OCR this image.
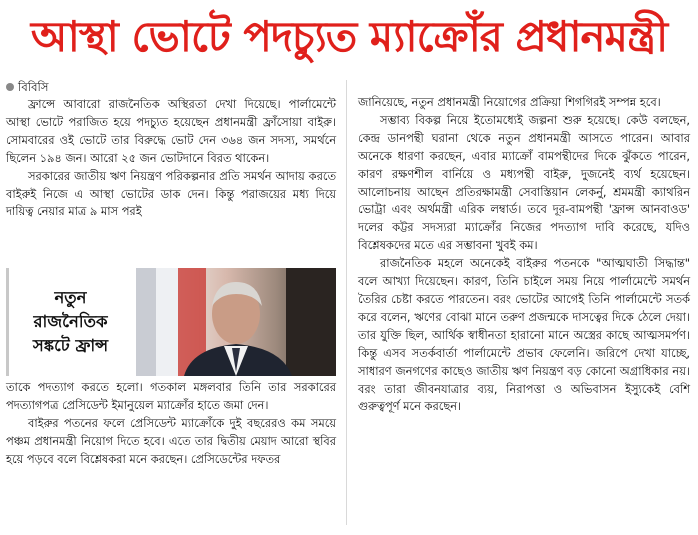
আস্থা ভোটে পদচ্যুত ম্যাক্রোঁর প্রধানমন্ত্রী
বিবিসি

ফ্রান্সে আবারো রাজনৈতিক অস্থিরতা দেখা দিয়েছে। পার্লামেন্টে আস্থা ভোটে পরাজিত হয়ে পদচ্যুত হয়েছেন প্রধানমন্ত্রী ফ্রাঁসোয়া বাইরু। সোমবারের ওই ভোটে তার বিরুদ্ধে ভোট দেন ৩৬৪ জন সদস্য, সমর্থনে ছিলেন ১৯৪ জন। আরো ২৫ জন ভোটদানে বিরত থাকেন।

সরকারের জাতীয় ঋণ নিয়ন্ত্রণ পরিকল্পনার প্রতি সমর্থন আদায় করতে বাইরুই নিজে এ আস্থা ভোটের ডাক দেন। কিন্তু পরাজয়ের মধ্য দিয়ে দায়িত্ব নেয়ার মাত্র ৯ মাস পরই

নতুন
রাজনৈতিক
সঙ্কটে ফ্রান্স

তাকে পদত্যাগ করতে হলো। গতকাল মঙ্গলবার তিনি তার সরকারের পদত্যাগপত্র প্রেসিডেন্ট ইমানুয়েল ম্যাক্রোঁর হাতে জমা দেন।

বাইরুর পতনের ফলে প্রেসিডেন্ট ম্যাক্রোঁকে দুই বছরেরও কম সময়ে পঞ্চম প্রধানমন্ত্রী নিয়োগ দিতে হবে। এতে তার দ্বিতীয় মেয়াদ আরো স্থবির হয়ে পড়বে বলে বিশ্লেষকরা মনে করছেন। প্রেসিডেন্টের দফতর

জানিয়েছে, নতুন প্রধানমন্ত্রী নিয়োগের প্রক্রিয়া শিগগিরই সম্পন্ন হবে।

সম্ভাব্য বিকল্প নিয়ে ইতোমধ্যেই জল্পনা শুরু হয়েছে। কেউ বলছেন, কেন্দ্র ডানপন্থী ঘরানা থেকে নতুন প্রধানমন্ত্রী আসতে পারেন। আবার অনেকে ধারণা করছেন, এবার ম্যাক্রোঁ বামপন্থীদের দিকে ঝুঁকতে পারেন, কারণ রক্ষণশীল বার্নিয়ে ও মধ্যপন্থী বাইরু, দুজনেই ব্যর্থ হয়েছেন। আলোচনায় আছেন প্রতিরক্ষামন্ত্রী সেবাস্তিয়ান লেকর্নু, শ্রমমন্ত্রী ক্যাথরিন ভোট্রা এবং অর্থমন্ত্রী এরিক লম্বার্ড। তবে দূর-বামপন্থী 'ফ্রান্স আনবাওড' দলের কট্টর সদস্যরা ম্যাক্রোঁর নিজের পদত্যাগ দাবি করেছে, যদিও বিশ্লেষকদের মতে এর সম্ভাবনা খুবই কম।

রাজনৈতিক মহলে অনেকেই বাইরুর পতনকে "আত্মঘাতী সিদ্ধান্ত" বলে আখ্যা দিয়েছেন। কারণ, তিনি চাইলে সময় নিয়ে পার্লামেন্টে সমর্থন তৈরির চেষ্টা করতে পারতেন। বরং ভোটের আগেই তিনি পার্লামেন্টে সতর্ক করে বলেন, ঋণের বোঝা মানে তরুণ প্রজন্মকে দাসত্বের দিকে ঠেলে দেয়া। তার যুক্তি ছিল, আর্থিক স্বাধীনতা হারানো মানে অস্ত্রের কাছে আত্মসমর্পণ। কিন্তু এসব সতর্কবার্তা পার্লামেন্টে প্রভাব ফেলেনি। জরিপে দেখা যাচ্ছে, সাধারণ জনগণের কাছেও জাতীয় ঋণ নিয়ন্ত্রণ বড় কোনো অগ্রাধিকার নয়। বরং তারা জীবনযাত্রার ব্যয়, নিরাপত্তা ও অভিবাসন ইস্যুকেই বেশি গুরুত্বপূর্ণ মনে করছেন।
